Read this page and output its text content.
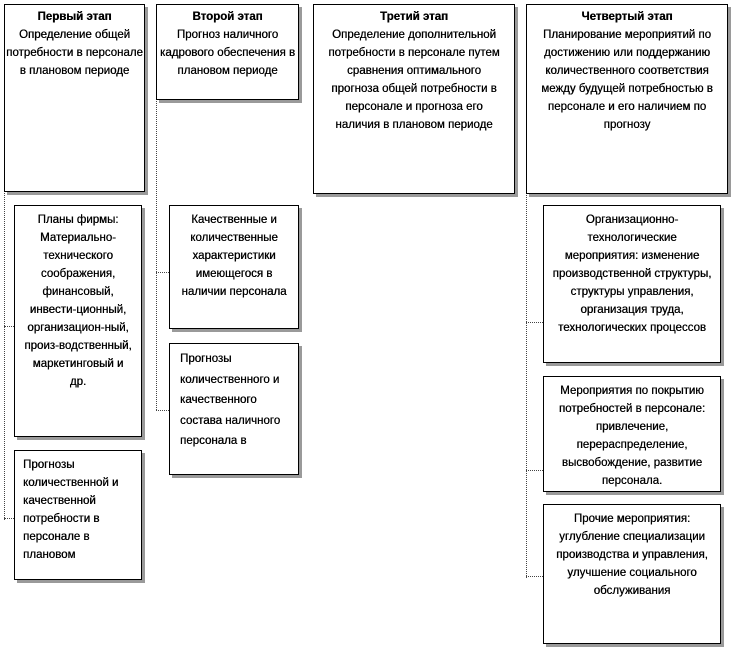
Первый этап
Определение общей потребности в персонале в плановом периоде
Второй этап
Прогноз наличного кадрового обеспечения в плановом периоде
Третий этап
Определение дополнительной потребности в персонале путем сравнения оптимального прогноза общей потребности в персонале и прогноза его наличия в плановом периоде
Четвертый этап
Планирование мероприятий по достижению или поддержанию количественного соответствия между будущей потребностью в персонале и его наличием по прогнозу
Планы фирмы: Материально-технического соображения, финансовый, инвести-ционный, организацион-ный, произ-водственный, маркетинговый и др.
Прогнозы количественной и качественной потребности в персонале в плановом
Качественные и количественные характеристики имеющегося в наличии персонала
Прогнозы количественного и качественного состава наличного персонала в
Организационно-технологические мероприятия: изменение производственной структуры, структуры управления, организация труда, технологических процессов
Мероприятия по покрытию потребностей в персонале: привлечение, перераспределение, высвобождение, развитие персонала.
Прочие мероприятия: углубление специализации производства и управления, улучшение социального обслуживания
